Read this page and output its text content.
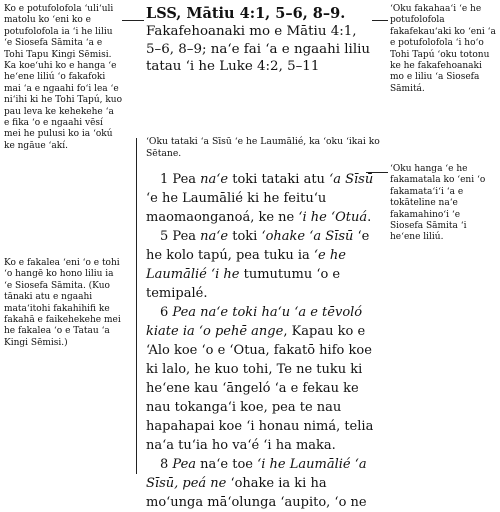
Ko e potufolofola ʻuliʻuli matolu ko ʻeni ko e potufolofola ia ʻi he liliu ʻe Siosefa Sāmita ʻa e Tohi Tapu Kingi Sēmisi. Ka koeʻuhi ko e hanga ʻe heʻene liliú ʻo fakafoki mai ʻa e ngaahi foʻi lea ʻe niʻihi ki he Tohi Tapú, kuo pau leva ke kehekehe ʻa e fika ʻo e ngaahi vēsí mei he pulusi ko ia ʻokú ke ngāue ʻakí.
LSS, Mātiu 4:1, 5–6, 8–9.
Fakafehoanaki mo e Mātiu 4:1, 5–6, 8–9; naʻe fai ʻa e ngaahi liliu tatau ʻi he Luke 4:2, 5–11
ʻOku fakahaaʻi ʻe he potufolofola fakafekauʻaki ko ʻeni ʻa e potufolofola ʻi hoʻo Tohi Tapú ʻoku totonu ke he fakafehoanaki mo e liliu ʻa Siosefa Sāmitá.
ʻOku tataki ʻa Sīsū ʻe he Laumālié, ka ʻoku ʻikai ko Sētane.
ʻOku hanga ʻe he fakamatala ko ʻeni ʻo fakamataʻiʻi ʻa e tokāteline naʻe fakamahinoʻi ʻe Siosefa Sāmita ʻi heʻene liliú.
Ko e fakalea ʻeni ʻo e tohi ʻo hangē ko hono liliu ia ʻe Siosefa Sāmita. (Kuo tānaki atu e ngaahi mataʻitohi fakahihifi ke fakahā e faikehekehe mei he fakalea ʻo e Tatau ʻa Kingi Sēmisi.)

1 Pea naʻe toki tataki atu ʻa Sīsū ʻe he Laumālié ki he feituʻu maomaonganoá, ke ne ʻi he ʻOtuá.

5 Pea naʻe toki ʻohake ʻa Sīsū ʻe he kolo tapú, pea tuku ia ʻe he Laumālié ʻi he tumutumu ʻo e temipalé.

6 Pea naʻe toki haʻu ʻa e tēvoló kiate ia ʻo pehē ange, Kapau ko e ʻAlo koe ʻo e ʻOtua, fakatō hifo koe ki lalo, he kuo tohi, Te ne tuku ki heʻene kau ʻāngeló ʻa e fekau ke nau tokangaʻi koe, pea te nau hapahapai koe ʻi honau nimá, telia naʻa tuʻia ho vaʻé ʻi ha maka.

8 Pea naʻe toe ʻi he Laumālié ʻa Sīsū, peá ne ʻohake ia ki ha moʻunga māʻolunga ʻaupito, ʻo ne
